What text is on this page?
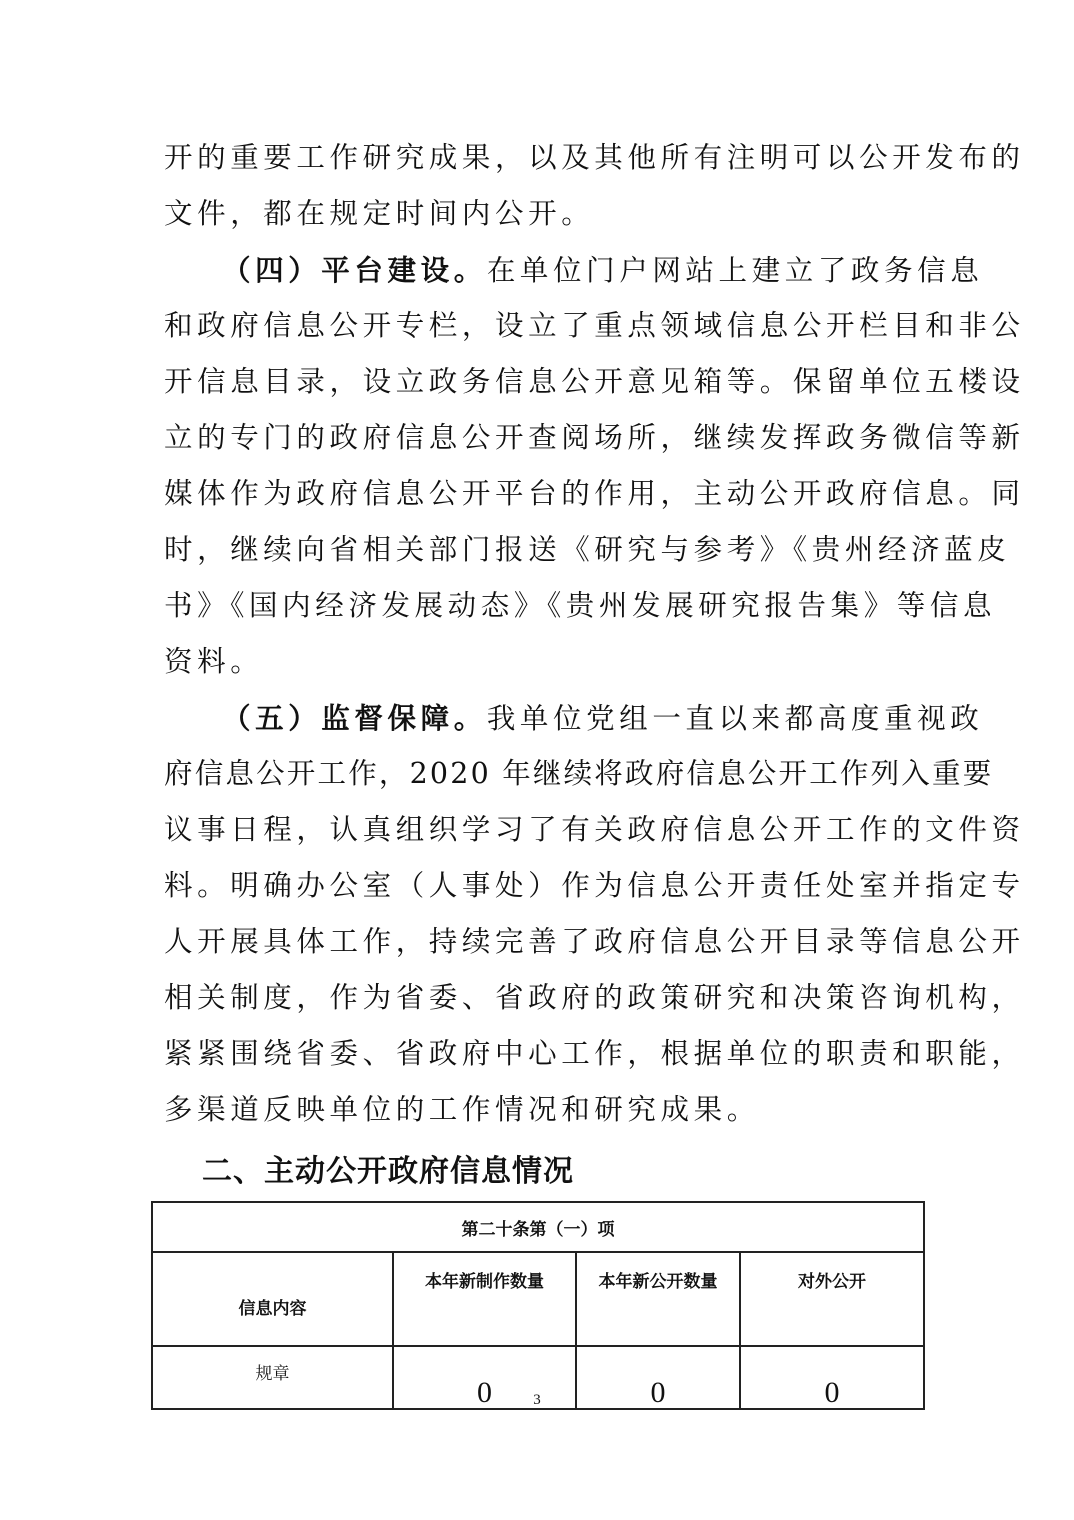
开的重要工作研究成果，以及其他所有注明可以公开发布的
文件，都在规定时间内公开。
（四）平台建设。在单位门户网站上建立了政务信息
和政府信息公开专栏，设立了重点领域信息公开栏目和非公
开信息目录，设立政务信息公开意见箱等。保留单位五楼设
立的专门的政府信息公开查阅场所，继续发挥政务微信等新
媒体作为政府信息公开平台的作用，主动公开政府信息。同
时，继续向省相关部门报送《研究与参考》《贵州经济蓝皮
书》《国内经济发展动态》《贵州发展研究报告集》等信息
资料。
（五）监督保障。我单位党组一直以来都高度重视政
府信息公开工作，2020 年继续将政府信息公开工作列入重要
议事日程，认真组织学习了有关政府信息公开工作的文件资
料。明确办公室（人事处）作为信息公开责任处室并指定专
人开展具体工作，持续完善了政府信息公开目录等信息公开
相关制度，作为省委、省政府的政策研究和决策咨询机构，
紧紧围绕省委、省政府中心工作，根据单位的职责和职能，
多渠道反映单位的工作情况和研究成果。
二、主动公开政府信息情况
第二十条第（一）项			
信息内容	本年新制作数量	本年新公开数量	对外公开
规章	0	0	0
3
